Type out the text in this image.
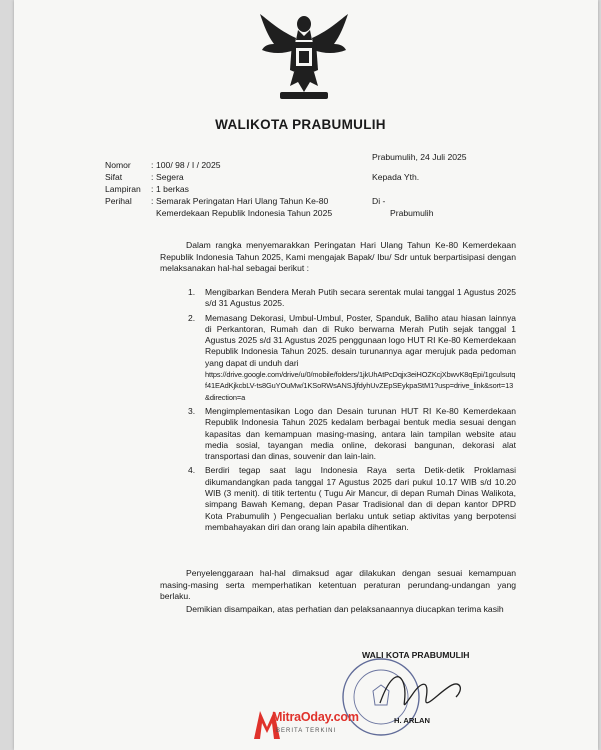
WALIKOTA PRABUMULIH
Prabumulih, 24 Juli 2025
Nomor : 100/ 98 / I / 2025
Sifat	: Segera
Lampiran : 1 berkas
Perihal : Semarak Peringatan Hari Ulang Tahun Ke-80
Kemerdekaan Republik Indonesia Tahun 2025
Kepada Yth.
Di -
Prabumulih
Dalam rangka menyemarakkan Peringatan Hari Ulang Tahun Ke-80 Kemerdekaan Republik Indonesia Tahun 2025, Kami mengajak Bapak/ Ibu/ Sdr untuk berpartisipasi dengan melaksanakan hal-hal sebagai berikut :
1. Mengibarkan Bendera Merah Putih secara serentak mulai tanggal 1 Agustus 2025 s/d 31 Agustus 2025.
2. Memasang Dekorasi, Umbul-Umbul, Poster, Spanduk, Baliho atau hiasan lainnya di Perkantoran, Rumah dan di Ruko berwarna Merah Putih sejak tanggal 1 Agustus 2025 s/d 31 Agustus 2025 penggunaan logo HUT RI Ke-80 Kemerdekaan Republik Indonesia Tahun 2025. desain turunannya agar merujuk pada pedoman yang dapat di unduh dari
https://drive.google.com/drive/u/0/mobile/folders/1jkUhAtPcDqjx3eiHOZKcjXbwvK8qEpi/1gculsutqf41EAdKjkcbLV-ts8GuYOuMw/1KSoRWsANSJjfdyhUvZEpSEykpaStM1?usp=drive_link&sort=13&direction=a
3. Mengimplementasikan Logo dan Desain turunan HUT RI Ke-80 Kemerdekaan Republik Indonesia Tahun 2025 kedalam berbagai bentuk media sesuai dengan kapasitas dan kemampuan masing-masing, antara lain tampilan website atau media sosial, tayangan media online, dekorasi bangunan, dekorasi alat transportasi dan dinas, souvenir dan lain-lain.
4. Berdiri tegap saat lagu Indonesia Raya serta Detik-detik Proklamasi dikumandangkan pada tanggal 17 Agustus 2025 dari pukul 10.17 WIB s/d 10.20 WIB (3 menit). di titik tertentu ( Tugu Air Mancur, di depan Rumah Dinas Walikota, simpang Bawah Kemang, depan Pasar Tradisional dan di depan kantor DPRD Kota Prabumulih ) Pengecualian berlaku untuk setiap aktivitas yang berpotensi membahayakan diri dan orang lain apabila dihentikan.
Penyelenggaraan hal-hal dimaksud agar dilakukan dengan sesuai kemampuan masing-masing serta memperhatikan ketentuan peraturan perundang-undangan yang berlaku.
Demikian disampaikan, atas perhatian dan pelaksanaannya diucapkan terima kasih
WALI KOTA PRABUMULIH
H. ARLAN
MitraOday.com
BERITA TERKINI
